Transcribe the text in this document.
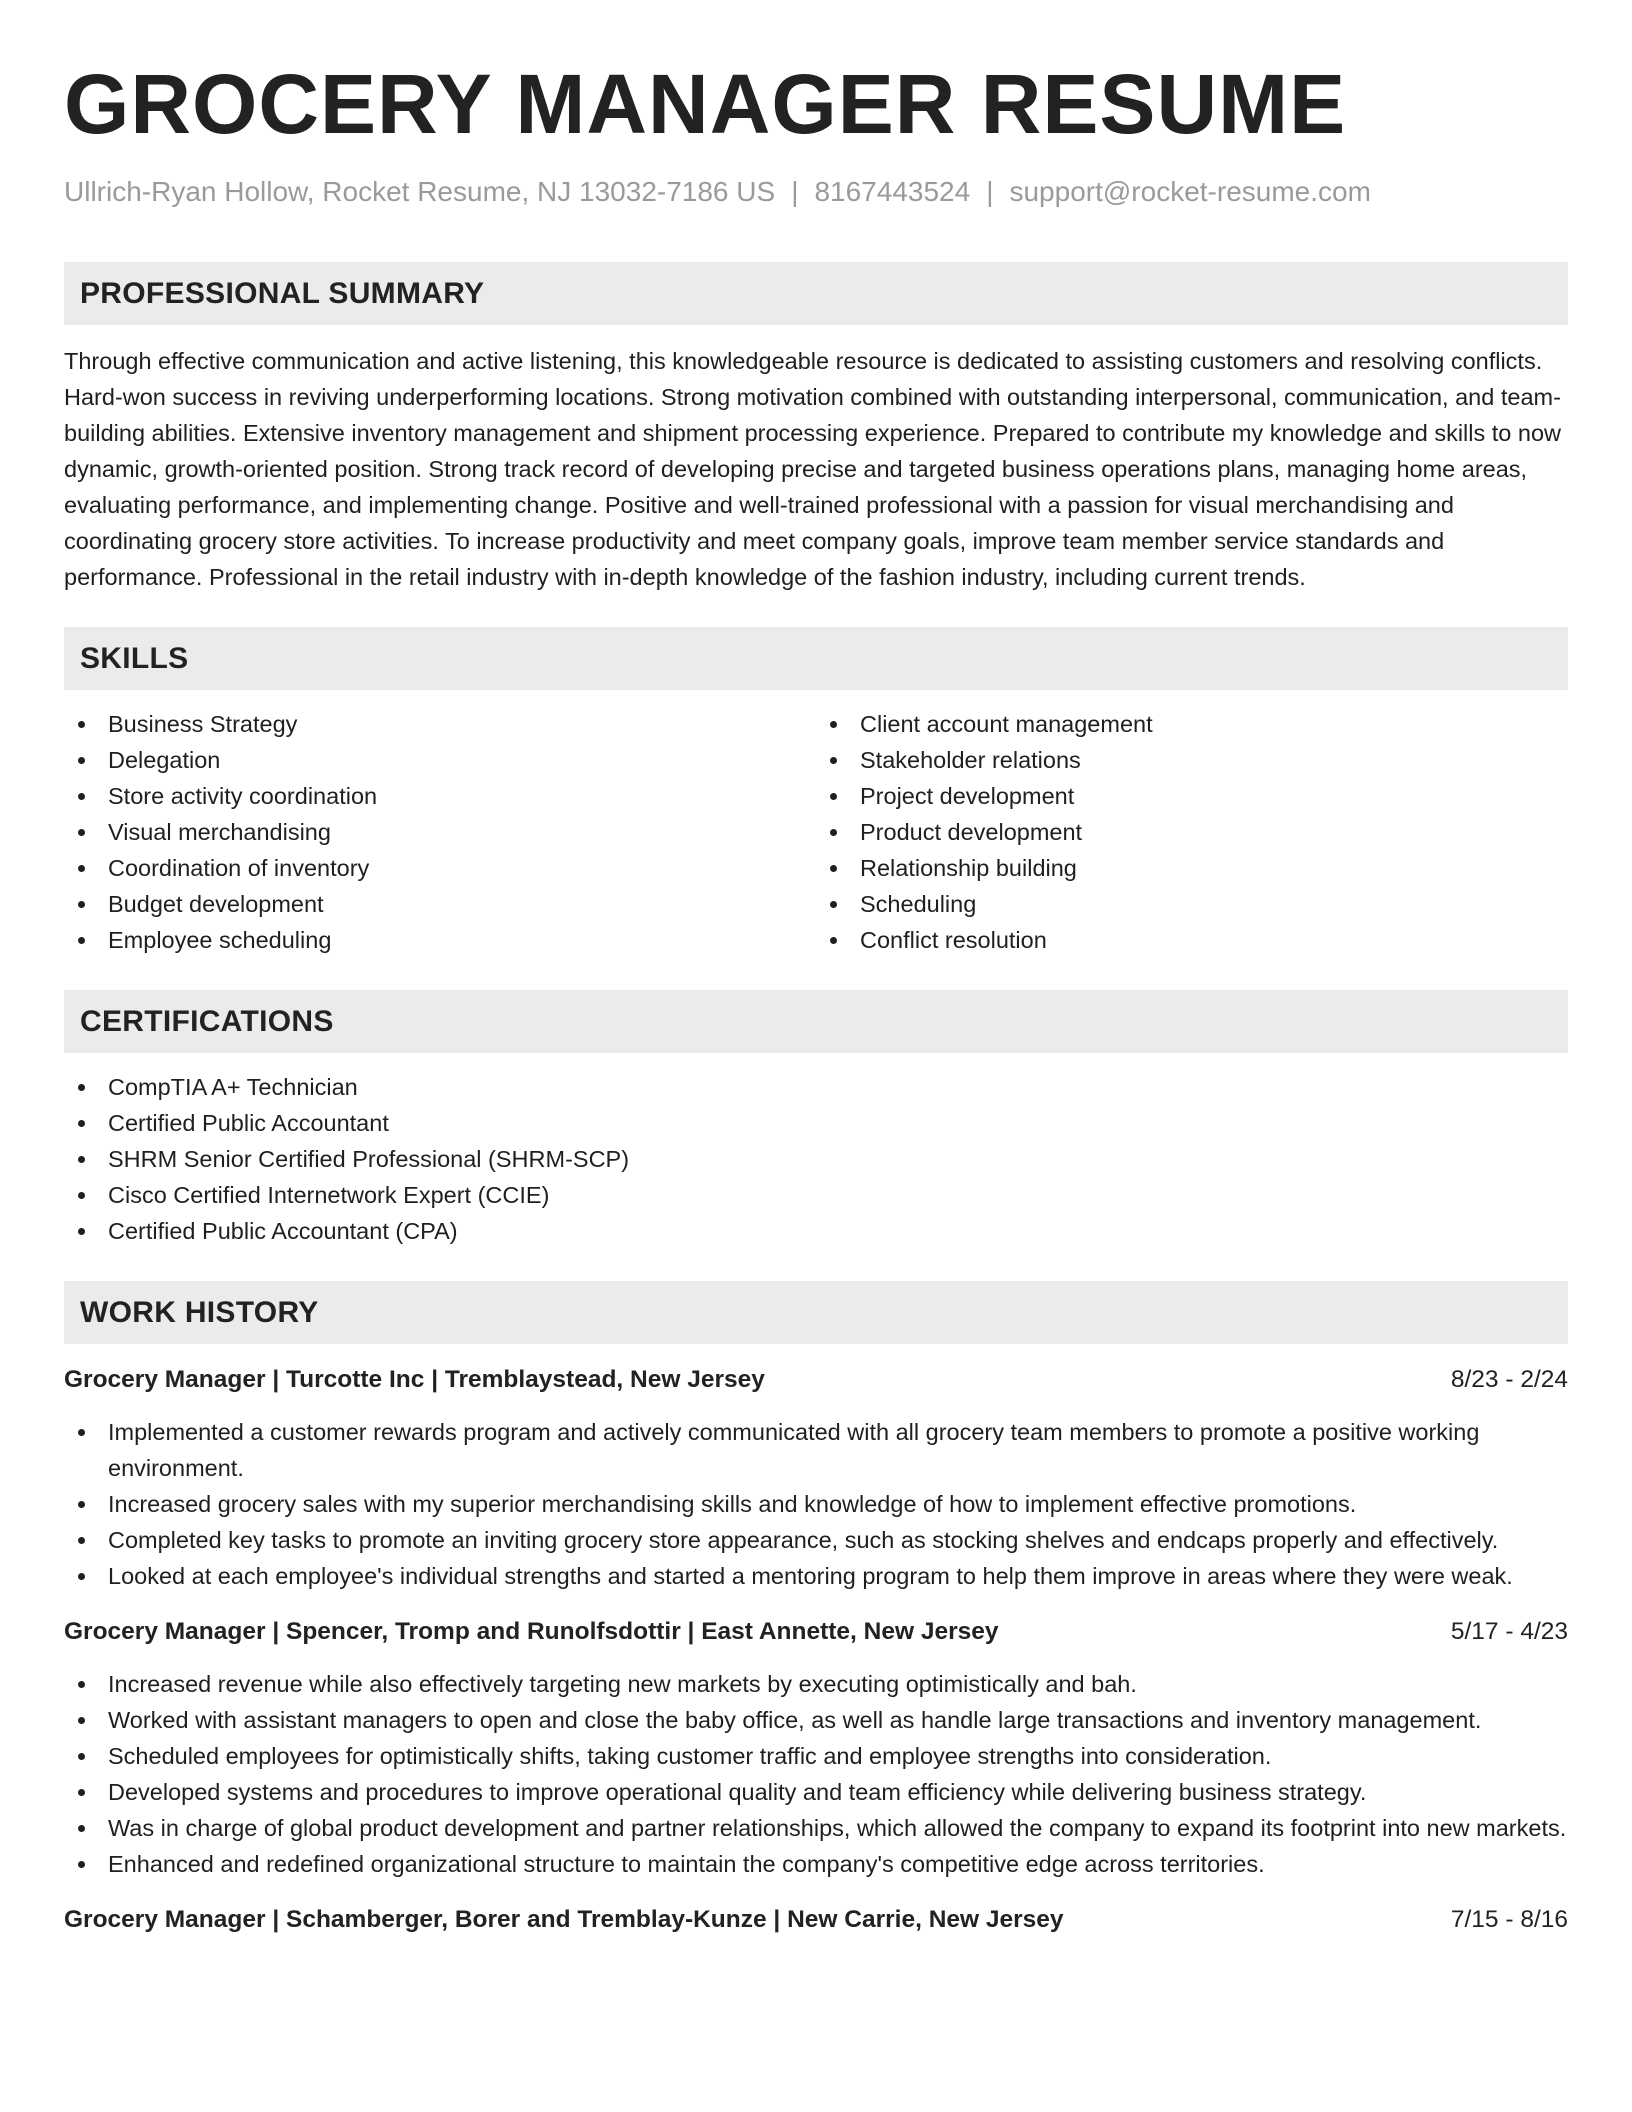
GROCERY MANAGER RESUME
Ullrich-Ryan Hollow, Rocket Resume, NJ 13032-7186 US | 8167443524 | support@rocket-resume.com
PROFESSIONAL SUMMARY

Through effective communication and active listening, this knowledgeable resource is dedicated to assisting customers and resolving conflicts. Hard-won success in reviving underperforming locations. Strong motivation combined with outstanding interpersonal, communication, and team-building abilities. Extensive inventory management and shipment processing experience. Prepared to contribute my knowledge and skills to now dynamic, growth-oriented position. Strong track record of developing precise and targeted business operations plans, managing home areas, evaluating performance, and implementing change. Positive and well-trained professional with a passion for visual merchandising and coordinating grocery store activities. To increase productivity and meet company goals, improve team member service standards and performance. Professional in the retail industry with in-depth knowledge of the fashion industry, including current trends.

SKILLS
Business Strategy
Delegation
Store activity coordination
Visual merchandising
Coordination of inventory
Budget development
Employee scheduling
Client account management
Stakeholder relations
Project development
Product development
Relationship building
Scheduling
Conflict resolution
CERTIFICATIONS
CompTIA A+ Technician
Certified Public Accountant
SHRM Senior Certified Professional (SHRM-SCP)
Cisco Certified Internetwork Expert (CCIE)
Certified Public Accountant (CPA)
WORK HISTORY
Grocery Manager | Turcotte Inc | Tremblaystead, New Jersey	8/23 - 2/24
Implemented a customer rewards program and actively communicated with all grocery team members to promote a positive working environment.
Increased grocery sales with my superior merchandising skills and knowledge of how to implement effective promotions.
Completed key tasks to promote an inviting grocery store appearance, such as stocking shelves and endcaps properly and effectively.
Looked at each employee's individual strengths and started a mentoring program to help them improve in areas where they were weak.
Grocery Manager | Spencer, Tromp and Runolfsdottir | East Annette, New Jersey	5/17 - 4/23
Increased revenue while also effectively targeting new markets by executing optimistically and bah.
Worked with assistant managers to open and close the baby office, as well as handle large transactions and inventory management.
Scheduled employees for optimistically shifts, taking customer traffic and employee strengths into consideration.
Developed systems and procedures to improve operational quality and team efficiency while delivering business strategy.
Was in charge of global product development and partner relationships, which allowed the company to expand its footprint into new markets.
Enhanced and redefined organizational structure to maintain the company's competitive edge across territories.
Grocery Manager | Schamberger, Borer and Tremblay-Kunze | New Carrie, New Jersey	7/15 - 8/16
